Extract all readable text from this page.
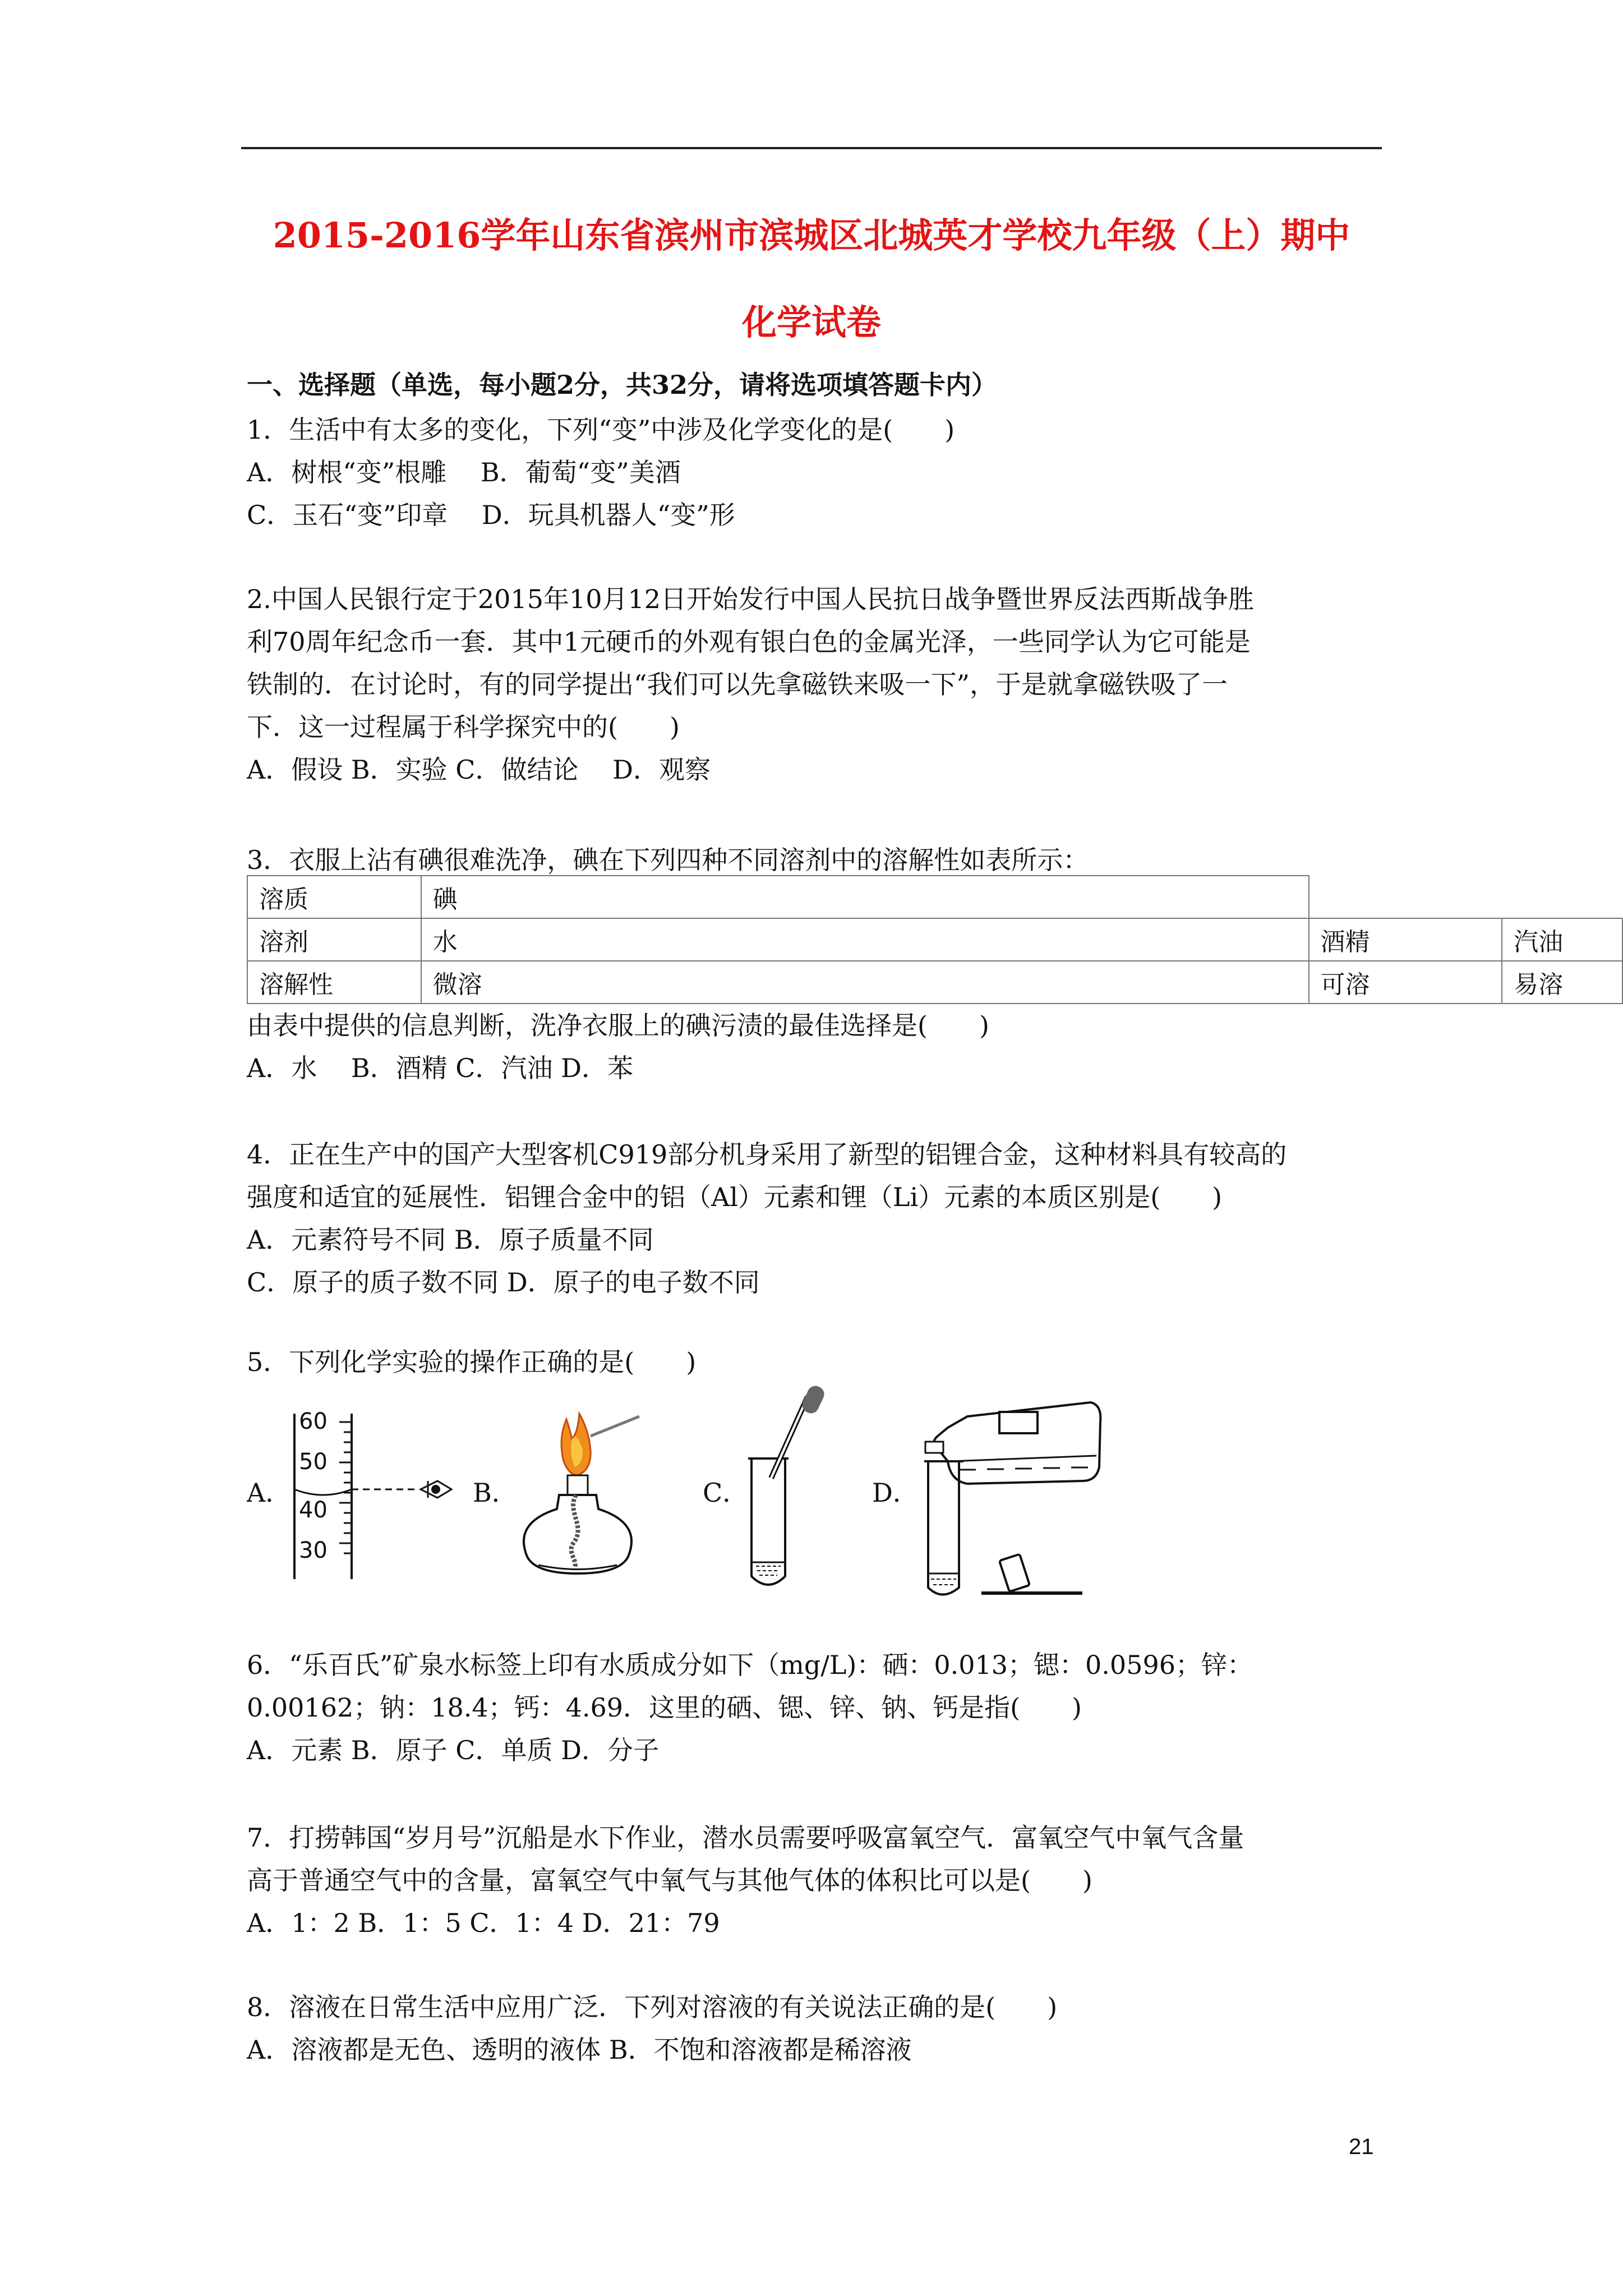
2015-2016学年山东省滨州市滨城区北城英才学校九年级（上）期中
化学试卷
一、选择题（单选，每小题2分，共32分，请将选项填答题卡内）

1．生活中有太多的变化，下列“变”中涉及化学变化的是(　　)

A．树根“变”根雕　 B．葡萄“变”美酒

C．玉石“变”印章　 D．玩具机器人“变”形

2.中国人民银行定于2015年10月12日开始发行中国人民抗日战争暨世界反法西斯战争胜

利70周年纪念币一套．其中1元硬币的外观有银白色的金属光泽，一些同学认为它可能是

铁制的．在讨论时，有的同学提出“我们可以先拿磁铁来吸一下”，于是就拿磁铁吸了一

下．这一过程属于科学探究中的(　　)

A．假设 B．实验 C．做结论　 D．观察

3．衣服上沾有碘很难洗净，碘在下列四种不同溶剂中的溶解性如表所示：

溶质	碘		
溶剂	水	酒精	汽油
溶解性	微溶	可溶	易溶

由表中提供的信息判断，洗净衣服上的碘污渍的最佳选择是(　　)

A．水　 B．酒精 C．汽油 D．苯

4．正在生产中的国产大型客机C919部分机身采用了新型的铝锂合金，这种材料具有较高的

强度和适宜的延展性．铝锂合金中的铝（Al）元素和锂（Li）元素的本质区别是(　　)

A．元素符号不同 B．原子质量不同

C．原子的质子数不同 D．原子的电子数不同

5．下列化学实验的操作正确的是(　　)

A．	B．	C．	D．
60
50
40
30

6．“乐百氏”矿泉水标签上印有水质成分如下（mg/L)：硒：0.013；锶：0.0596；锌：

0.00162；钠：18.4；钙：4.69．这里的硒、锶、锌、钠、钙是指(　　)

A．元素 B．原子 C．单质 D．分子

7．打捞韩国“岁月号”沉船是水下作业，潜水员需要呼吸富氧空气．富氧空气中氧气含量

高于普通空气中的含量，富氧空气中氧气与其他气体的体积比可以是(　　)

A．1：2 B．1：5 C．1：4 D．21：79

8．溶液在日常生活中应用广泛．下列对溶液的有关说法正确的是(　　)

A．溶液都是无色、透明的液体 B．不饱和溶液都是稀溶液

21
